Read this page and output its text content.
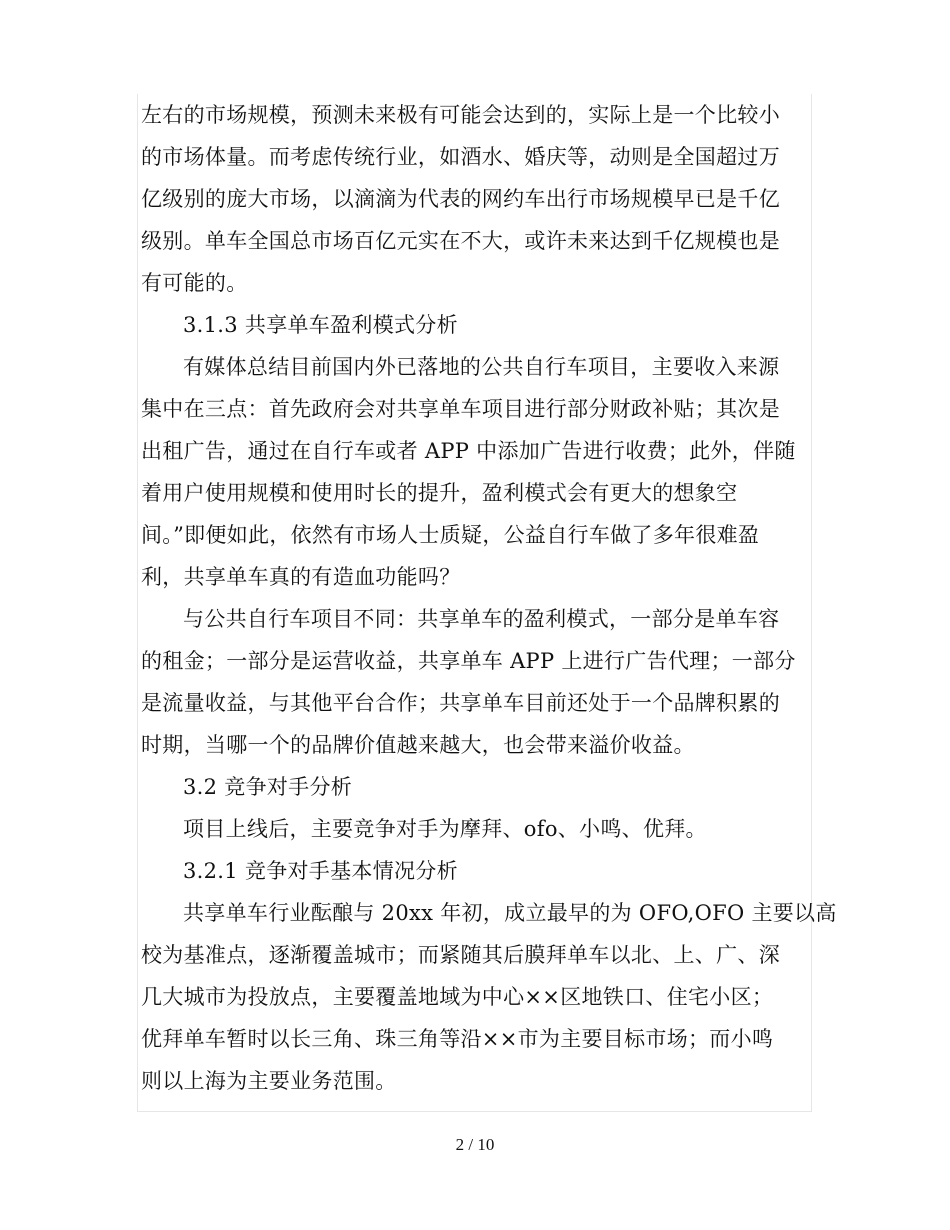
左右的市场规模，预测未来极有可能会达到的，实际上是一个比较小
的市场体量。而考虑传统行业，如酒水、婚庆等，动则是全国超过万
亿级别的庞大市场，以滴滴为代表的网约车出行市场规模早已是千亿
级别。单车全国总市场百亿元实在不大，或许未来达到千亿规模也是
有可能的。
3.1.3 共享单车盈利模式分析
有媒体总结目前国内外已落地的公共自行车项目，主要收入来源
集中在三点：首先政府会对共享单车项目进行部分财政补贴；其次是
出租广告，通过在自行车或者 APP 中添加广告进行收费；此外，伴随
着用户使用规模和使用时长的提升，盈利模式会有更大的想象空
间。”即便如此，依然有市场人士质疑，公益自行车做了多年很难盈
利，共享单车真的有造血功能吗？
与公共自行车项目不同：共享单车的盈利模式，一部分是单车容
的租金；一部分是运营收益，共享单车 APP 上进行广告代理；一部分
是流量收益，与其他平台合作；共享单车目前还处于一个品牌积累的
时期，当哪一个的品牌价值越来越大，也会带来溢价收益。
3.2 竞争对手分析
项目上线后，主要竞争对手为摩拜、ofo、小鸣、优拜。
3.2.1 竞争对手基本情况分析
共享单车行业酝酿与 20xx 年初，成立最早的为 OFO,OFO 主要以高
校为基准点，逐渐覆盖城市；而紧随其后膜拜单车以北、上、广、深
几大城市为投放点，主要覆盖地域为中心××区地铁口、住宅小区；
优拜单车暂时以长三角、珠三角等沿××市为主要目标市场；而小鸣
则以上海为主要业务范围。
2 / 10
